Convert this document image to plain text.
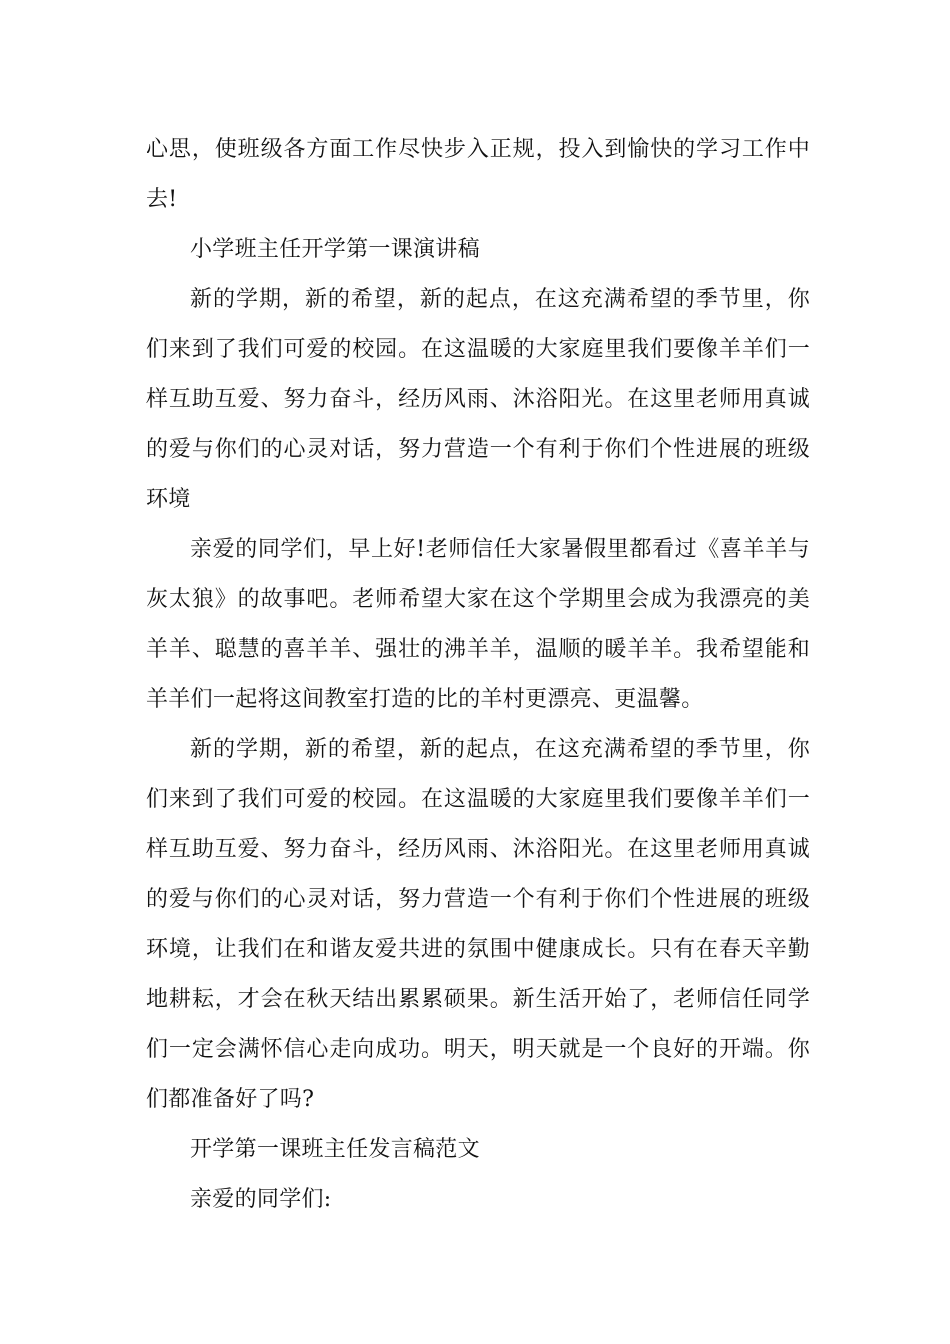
心思，使班级各方面工作尽快步入正规，投入到愉快的学习工作中去!

小学班主任开学第一课演讲稿

新的学期，新的希望，新的起点，在这充满希望的季节里，你们来到了我们可爱的校园。在这温暖的大家庭里我们要像羊羊们一样互助互爱、努力奋斗，经历风雨、沐浴阳光。在这里老师用真诚的爱与你们的心灵对话，努力营造一个有利于你们个性进展的班级环境

亲爱的同学们，早上好!老师信任大家暑假里都看过《喜羊羊与灰太狼》的故事吧。老师希望大家在这个学期里会成为我漂亮的美羊羊、聪慧的喜羊羊、强壮的沸羊羊，温顺的暖羊羊。我希望能和羊羊们一起将这间教室打造的比的羊村更漂亮、更温馨。

新的学期，新的希望，新的起点，在这充满希望的季节里，你们来到了我们可爱的校园。在这温暖的大家庭里我们要像羊羊们一样互助互爱、努力奋斗，经历风雨、沐浴阳光。在这里老师用真诚的爱与你们的心灵对话，努力营造一个有利于你们个性进展的班级环境，让我们在和谐友爱共进的氛围中健康成长。只有在春天辛勤地耕耘，才会在秋天结出累累硕果。新生活开始了，老师信任同学们一定会满怀信心走向成功。明天，明天就是一个良好的开端。你们都准备好了吗?

开学第一课班主任发言稿范文

亲爱的同学们:
